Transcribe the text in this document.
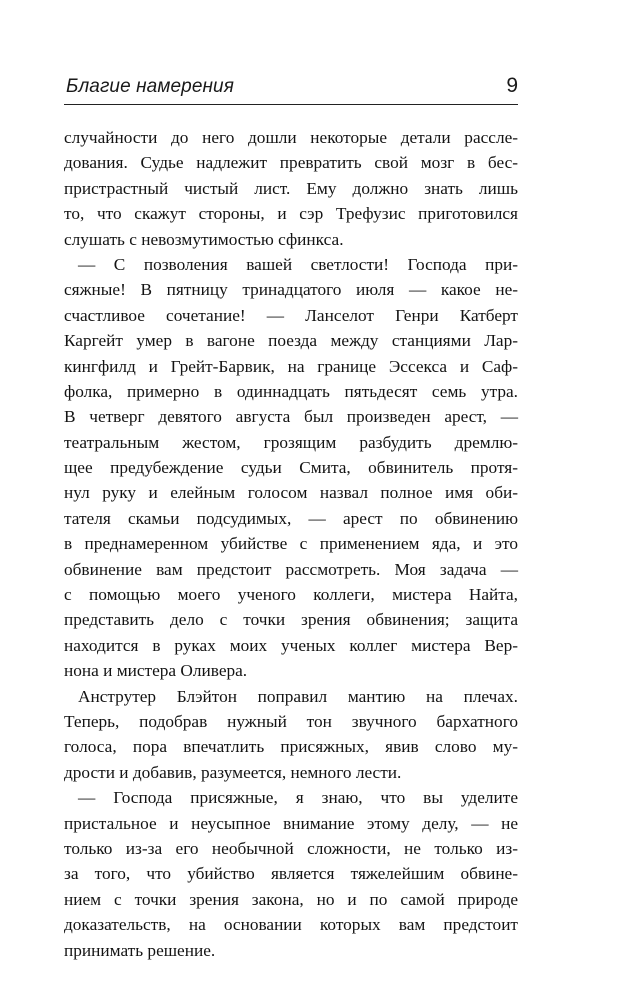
Благие намерения	9

случайности до него дошли некоторые детали рассле-
дования. Судье надлежит превратить свой мозг в бес-
пристрастный чистый лист. Ему должно знать лишь
то, что скажут стороны, и сэр Трефузис приготовился
слушать с невозмутимостью сфинкса.

— С позволения вашей светлости! Господа при-
сяжные! В пятницу тринадцатого июля — какое не-
счастливое сочетание! — Ланселот Генри Катберт
Каргейт умер в вагоне поезда между станциями Лар-
кингфилд и Грейт-Барвик, на границе Эссекса и Саф-
фолка, примерно в одиннадцать пятьдесят семь утра.
В четверг девятого августа был произведен арест, —
театральным жестом, грозящим разбудить дремлю-
щее предубеждение судьи Смита, обвинитель протя-
нул руку и елейным голосом назвал полное имя оби-
тателя скамьи подсудимых, — арест по обвинению
в преднамеренном убийстве с применением яда, и это
обвинение вам предстоит рассмотреть. Моя задача —
с помощью моего ученого коллеги, мистера Найта,
представить дело с точки зрения обвинения; защита
находится в руках моих ученых коллег мистера Вер-
нона и мистера Оливера.

Анструтер Блэйтон поправил мантию на плечах.
Теперь, подобрав нужный тон звучного бархатного
голоса, пора впечатлить присяжных, явив слово му-
дрости и добавив, разумеется, немного лести.

— Господа присяжные, я знаю, что вы уделите
пристальное и неусыпное внимание этому делу, — не
только из-за его необычной сложности, не только из-
за того, что убийство является тяжелейшим обвине-
нием с точки зрения закона, но и по самой природе
доказательств, на основании которых вам предстоит
принимать решение.
